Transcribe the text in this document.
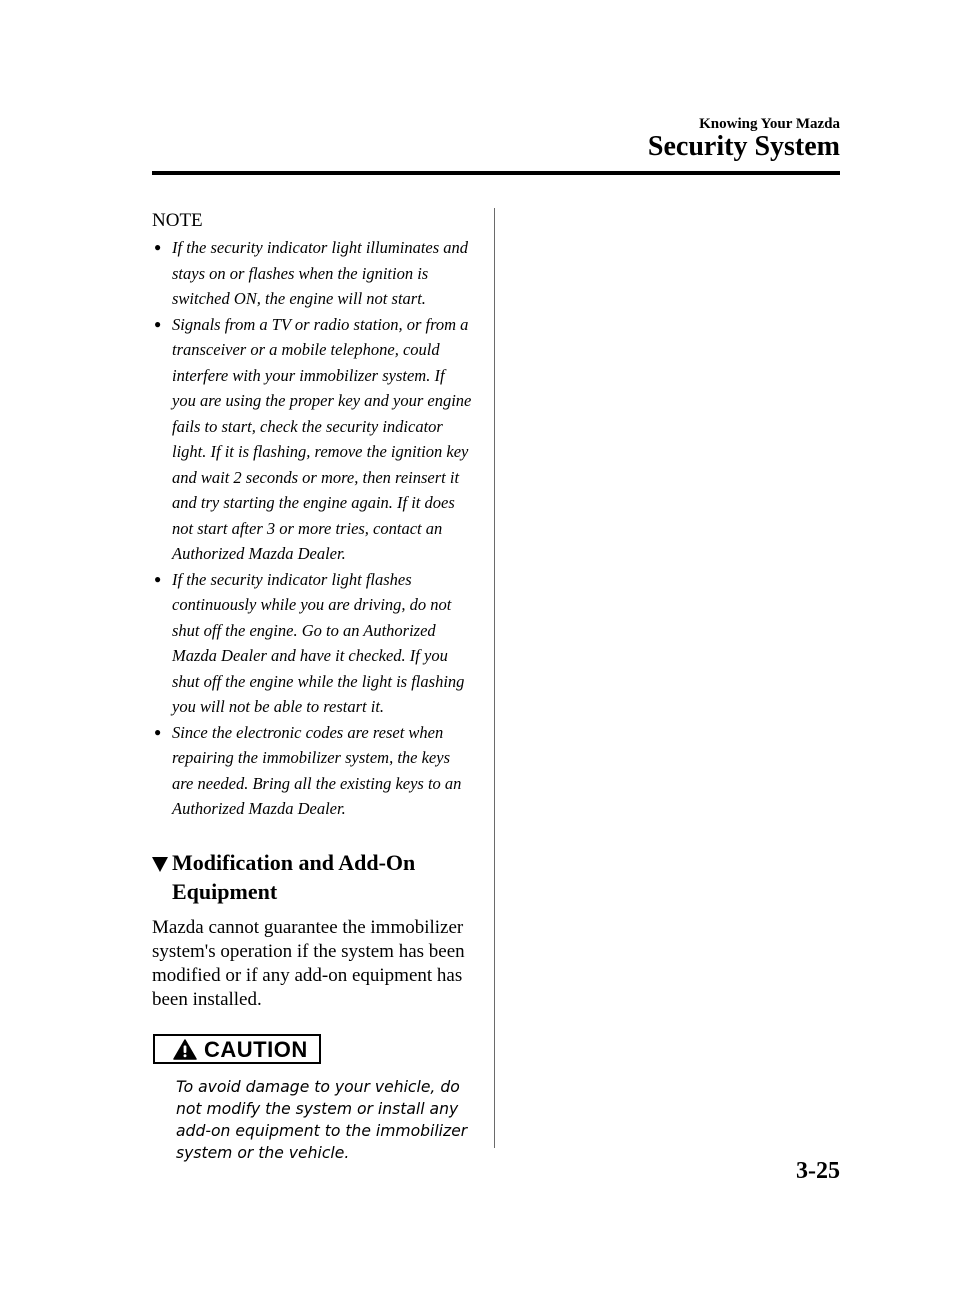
Knowing Your Mazda
Security System
NOTE
● If the security indicator light illuminates and stays on or flashes when the ignition is switched ON, the engine will not start.
● Signals from a TV or radio station, or from a transceiver or a mobile telephone, could interfere with your immobilizer system. If you are using the proper key and your engine fails to start, check the security indicator light. If it is flashing, remove the ignition key and wait 2 seconds or more, then reinsert it and try starting the engine again. If it does not start after 3 or more tries, contact an Authorized Mazda Dealer.
● If the security indicator light flashes continuously while you are driving, do not shut off the engine. Go to an Authorized Mazda Dealer and have it checked. If you shut off the engine while the light is flashing you will not be able to restart it.
● Since the electronic codes are reset when repairing the immobilizer system, the keys are needed. Bring all the existing keys to an Authorized Mazda Dealer.
Modification and Add-On Equipment
Mazda cannot guarantee the immobilizer system's operation if the system has been modified or if any add-on equipment has been installed.
CAUTION
To avoid damage to your vehicle, do not modify the system or install any add-on equipment to the immobilizer system or the vehicle.
3-25
